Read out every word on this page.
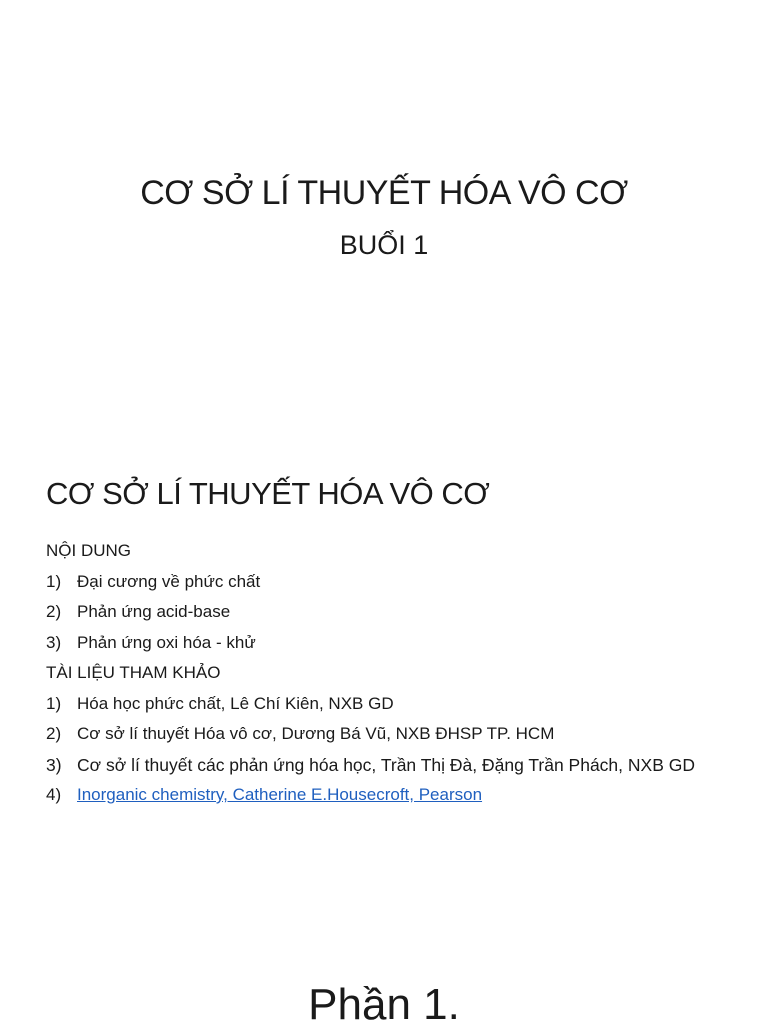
CƠ SỞ LÍ THUYẾT HÓA VÔ CƠ
BUỔI 1
CƠ SỞ LÍ THUYẾT HÓA VÔ CƠ
NỘI DUNG
1) Đại cương về phức chất
2) Phản ứng acid-base
3) Phản ứng oxi hóa - khử
TÀI LIỆU THAM KHẢO
1) Hóa học phức chất, Lê Chí Kiên, NXB GD
2) Cơ sở lí thuyết Hóa vô cơ, Dương Bá Vũ, NXB ĐHSP TP. HCM
3) Cơ sở lí thuyết các phản ứng hóa học, Trần Thị Đà, Đặng Trần Phách, NXB GD
4) Inorganic chemistry, Catherine E.Housecroft, Pearson
Phần 1.
